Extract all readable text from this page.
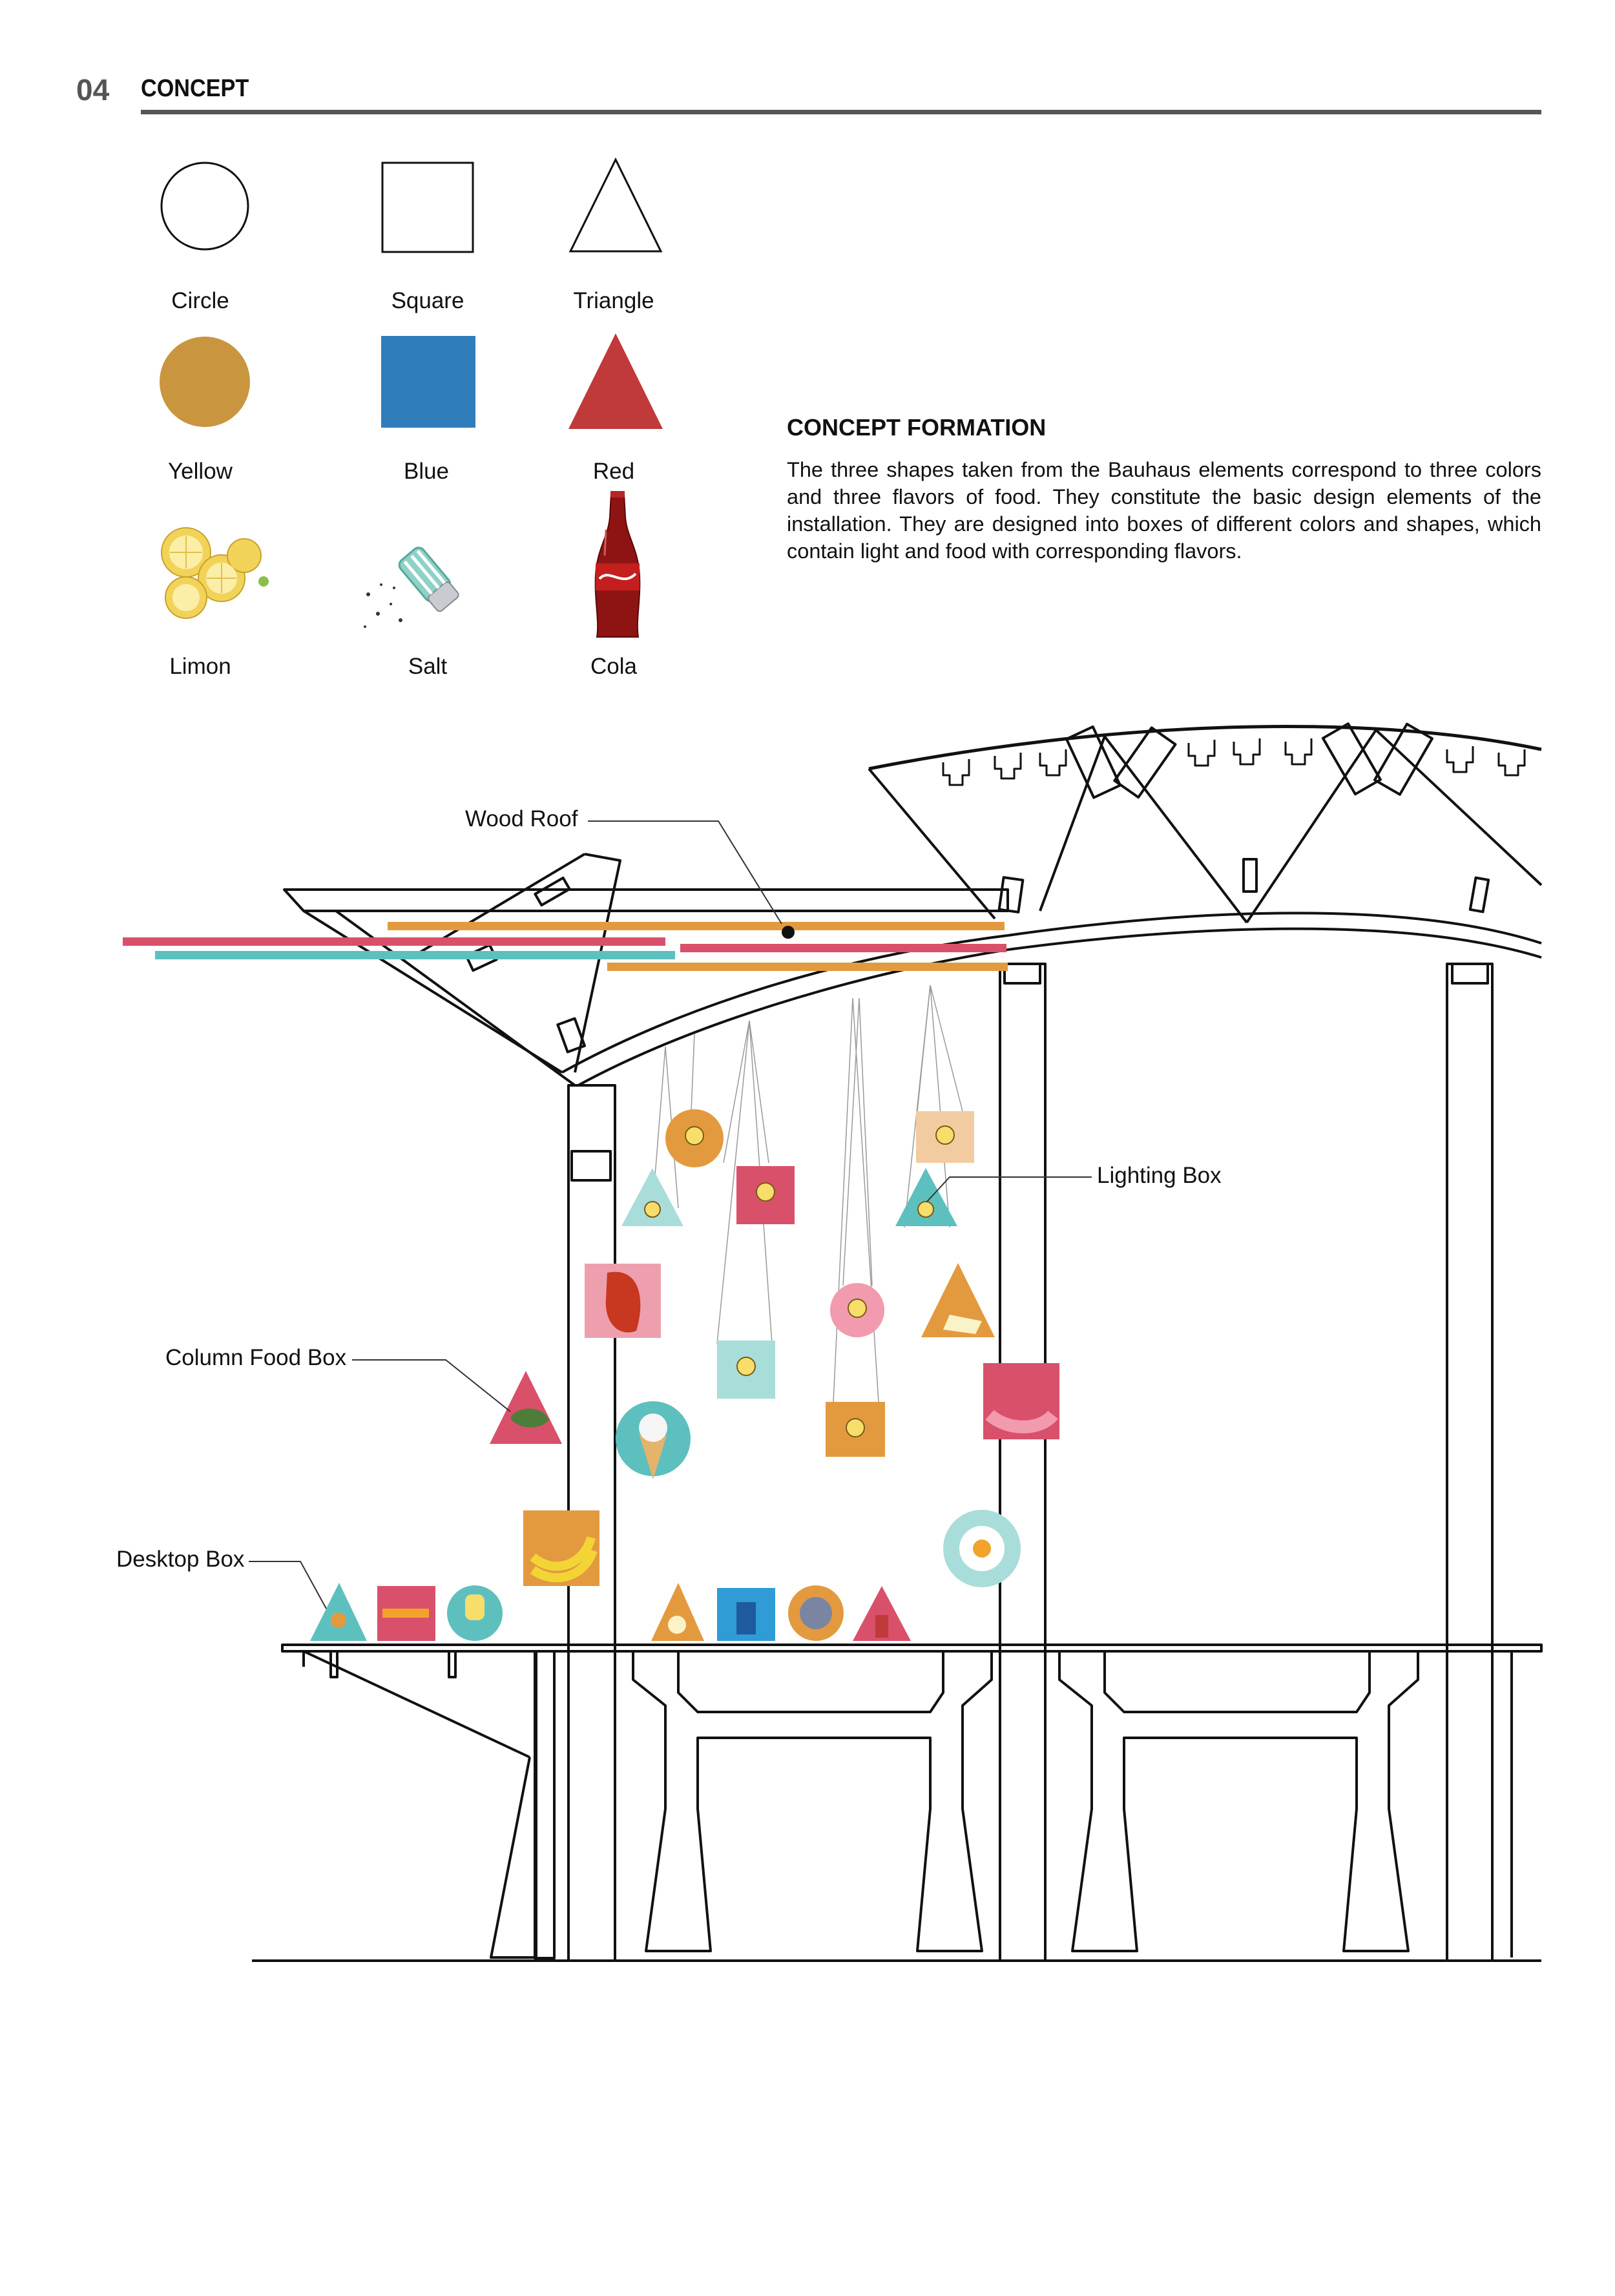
04 CONCEPT
Circle	Square	Triangle
Yellow	Blue	Red
Limon	Salt	Cola
CONCEPT FORMATION
The three shapes taken from the Bauhaus elements correspond to three colors and three flavors of food. They constitute the basic design elements of the installation. They are designed into boxes of different colors and shapes, which contain light and food with corresponding flavors.
Wood Roof
Lighting Box
Column Food Box
Desktop Box
